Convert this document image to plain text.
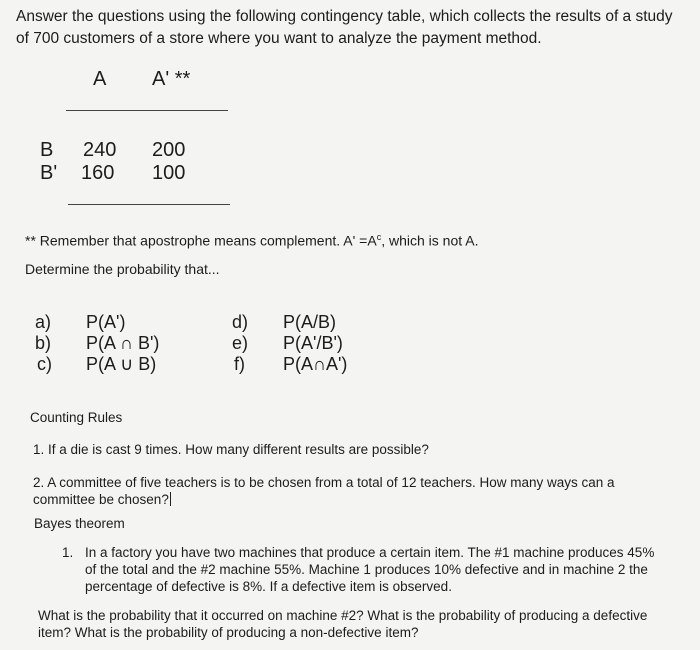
Answer the questions using the following contingency table, which collects the results of a study of 700 customers of a store where you want to analyze the payment method.
A A' **
B 240 200
B' 160 100
** Remember that apostrophe means complement. $A' =A^c$, which is not A.
Determine the probability that...
a) P(A')
b) P(A ∩ B')
c) P(A ∪ B)
d) P(A/B)
e) P(A'/B')
f) P(A∩A')
Counting Rules
1. If a die is cast 9 times. How many different results are possible?
2. A committee of five teachers is to be chosen from a total of 12 teachers. How many ways can a committee be chosen?
Bayes theorem
1. In a factory you have two machines that produce a certain item. The #1 machine produces 45% of the total and the #2 machine 55%. Machine 1 produces 10% defective and in machine 2 the percentage of defective is 8%. If a defective item is observed.
What is the probability that it occurred on machine #2? What is the probability of producing a defective item? What is the probability of producing a non-defective item?
